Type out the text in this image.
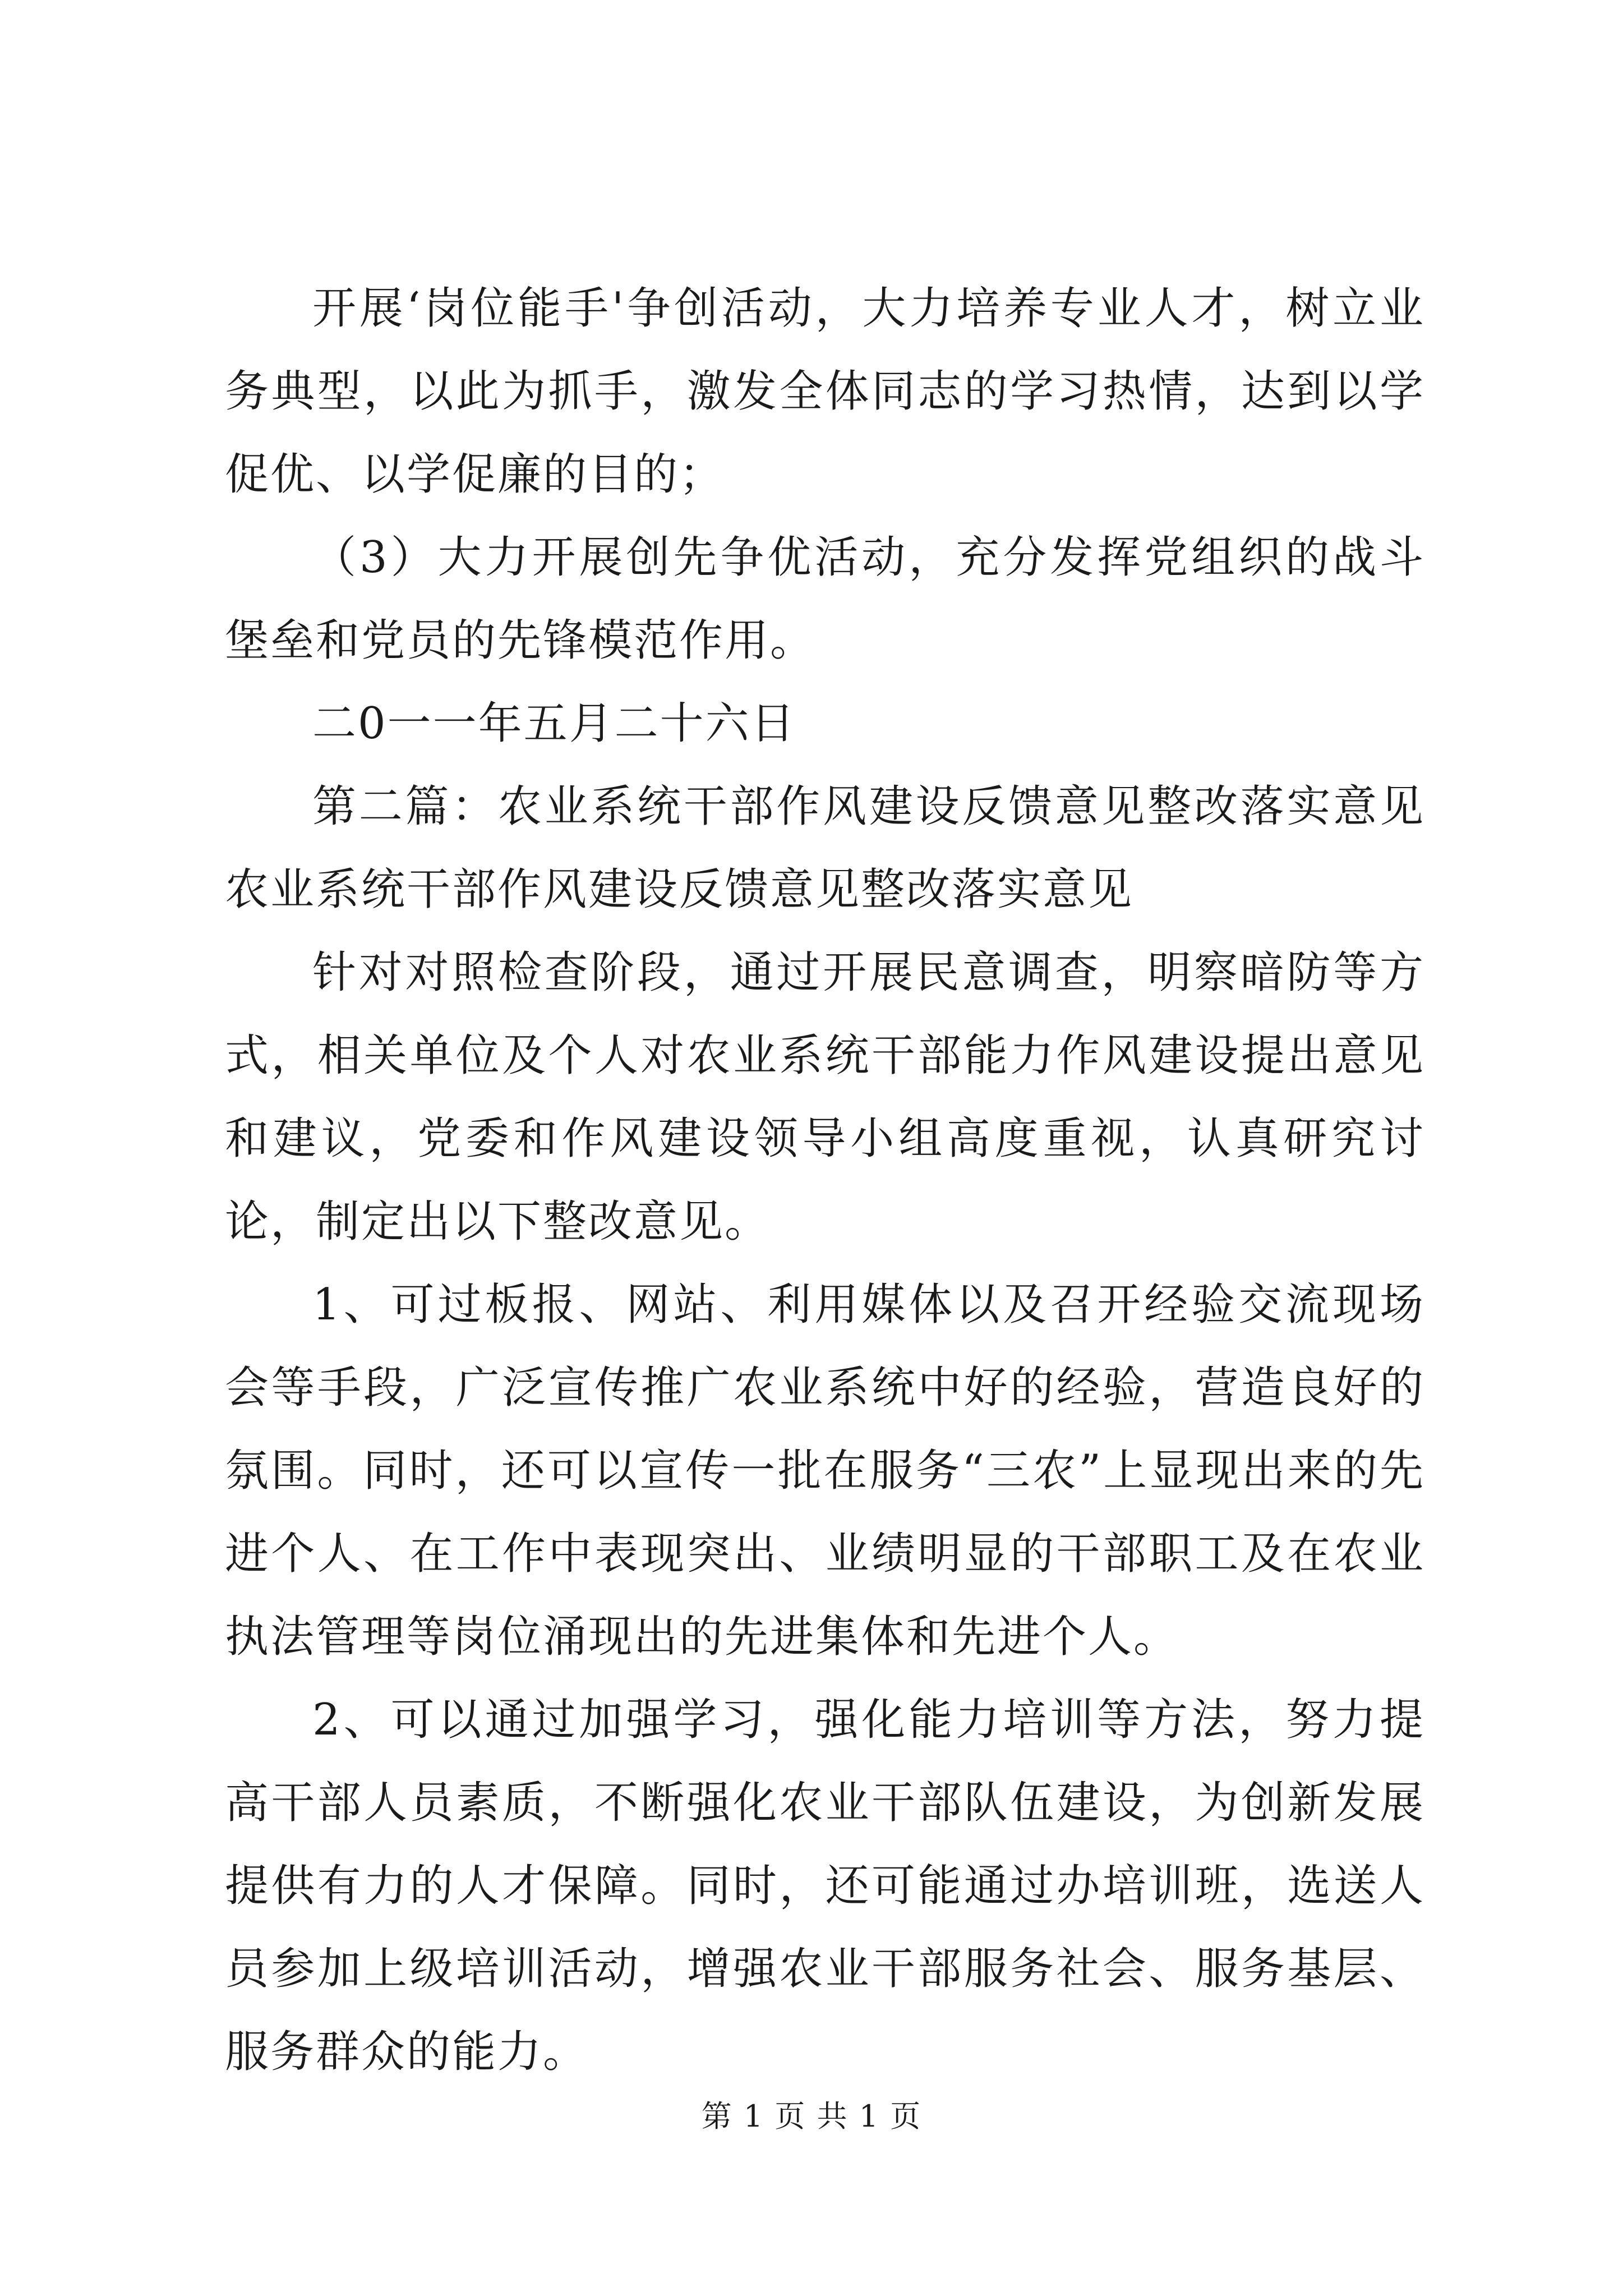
开展‘岗位能手'争创活动，大力培养专业人才，树立业务典型，以此为抓手，激发全体同志的学习热情，达到以学促优、以学促廉的目的；

（3）大力开展创先争优活动，充分发挥党组织的战斗堡垒和党员的先锋模范作用。

二0一一年五月二十六日

第二篇：农业系统干部作风建设反馈意见整改落实意见农业系统干部作风建设反馈意见整改落实意见

针对对照检查阶段，通过开展民意调查，明察暗防等方式，相关单位及个人对农业系统干部能力作风建设提出意见和建议，党委和作风建设领导小组高度重视，认真研究讨论，制定出以下整改意见。

1、可过板报、网站、利用媒体以及召开经验交流现场会等手段，广泛宣传推广农业系统中好的经验，营造良好的氛围。同时，还可以宣传一批在服务“三农”上显现出来的先进个人、在工作中表现突出、业绩明显的干部职工及在农业执法管理等岗位涌现出的先进集体和先进个人。

2、可以通过加强学习，强化能力培训等方法，努力提高干部人员素质，不断强化农业干部队伍建设，为创新发展提供有力的人才保障。同时，还可能通过办培训班，选送人员参加上级培训活动，增强农业干部服务社会、服务基层、服务群众的能力。

第 1 页 共 1 页
